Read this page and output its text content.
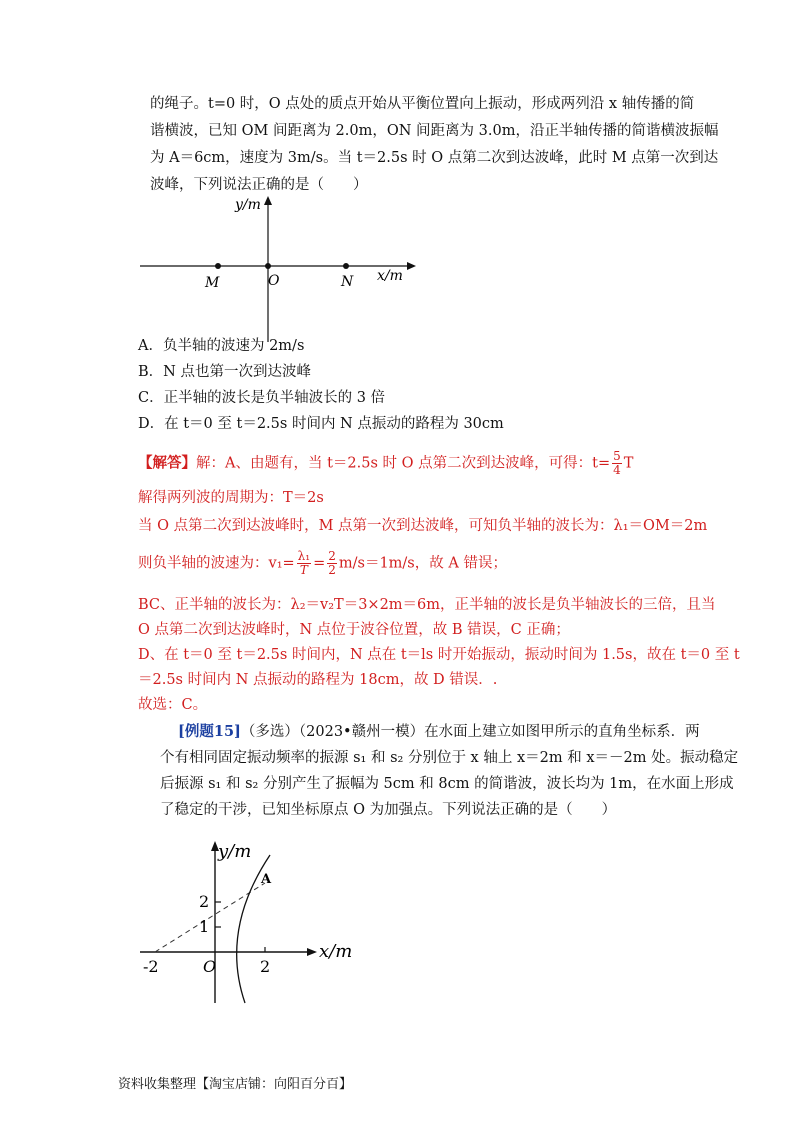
的绳子。t=0 时，O 点处的质点开始从平衡位置向上振动，形成两列沿 x 轴传播的简
谐横波，已知 OM 间距离为 2.0m，ON 间距离为 3.0m，沿正半轴传播的简谐横波振幅
为 A＝6cm，速度为 3m/s。当 t＝2.5s 时 O 点第二次到达波峰，此时 M 点第一次到达
波峰，下列说法正确的是（　　）
y/m
x/m
M	O	N
A．负半轴的波速为 2m/s
B．N 点也第一次到达波峰
C．正半轴的波长是负半轴波长的 3 倍
D．在 t＝0 至 t＝2.5s 时间内 N 点振动的路程为 30cm
【解答】解：A、由题有，当 t＝2.5s 时 O 点第二次到达波峰，可得：$t= \frac{5}{4}$ T
解得两列波的周期为：T＝2s
当 O 点第二次到达波峰时，M 点第一次到达波峰，可知负半轴的波长为：λ₁＝OM＝2m
则负半轴的波速为：$v_1= \frac{\text{λ₁}}{T} = \frac{2}{2} m/s=1m/s$，故 A 错误；
BC、正半轴的波长为：λ₂＝v₂T＝3×2m＝6m，正半轴的波长是负半轴波长的三倍，且当
O 点第二次到达波峰时，N 点位于波谷位置，故 B 错误，C 正确；
D、在 t＝0 至 t＝2.5s 时间内，N 点在 t＝ls 时开始振动，振动时间为 1.5s，故在 t＝0 至 t
＝2.5s 时间内 N 点振动的路程为 18cm，故 D 错误．.
故选：C。
[例题15]（多选）（2023•赣州一模）在水面上建立如图甲所示的直角坐标系．两
个有相同固定振动频率的振源 s₁ 和 s₂ 分别位于 x 轴上 x＝2m 和 x＝－2m 处。振动稳定
后振源 s₁ 和 s₂ 分别产生了振幅为 5cm 和 8cm 的简谐波，波长均为 1m，在水面上形成
了稳定的干涉，已知坐标原点 O 为加强点。下列说法正确的是（　　）
y/m
x/m
A
2
1
-2	O	2
资料收集整理【淘宝店铺：向阳百分百】
